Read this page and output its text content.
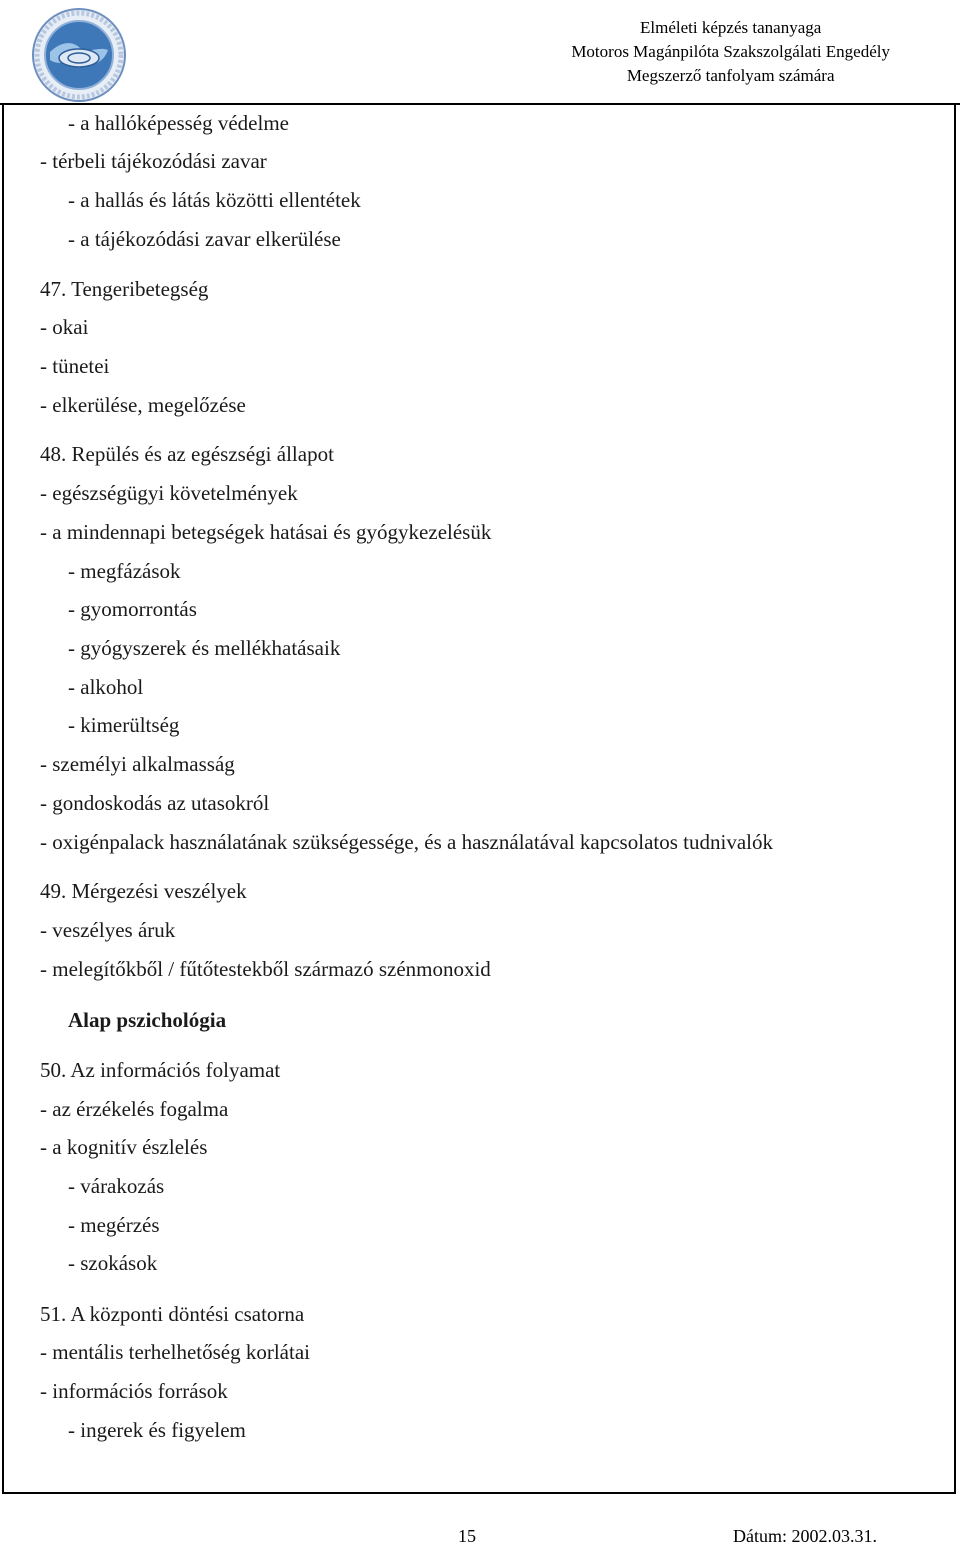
Elméleti képzés tananyaga
Motoros Magánpilóta Szakszolgálati Engedély
Megszerző tanfolyam számára
- a hallóképesség védelme
- térbeli tájékozódási zavar
- a hallás és látás közötti ellentétek
- a tájékozódási zavar elkerülése
47. Tengeribetegség
- okai
- tünetei
- elkerülése, megelőzése
48. Repülés és az egészségi állapot
- egészségügyi követelmények
- a mindennapi betegségek hatásai és gyógykezelésük
- megfázások
- gyomorrontás
- gyógyszerek és mellékhatásaik
- alkohol
- kimerültség
- személyi alkalmasság
- gondoskodás az utasokról
- oxigénpalack használatának szükségessége, és a használatával kapcsolatos tudnivalók
49. Mérgezési veszélyek
- veszélyes áruk
- melegítőkből / fűtőtestekből származó szénmonoxid
Alap pszichológia
50. Az információs folyamat
- az érzékelés fogalma
- a kognitív észlelés
- várakozás
- megérzés
- szokások
51. A központi döntési csatorna
- mentális terhelhetőség korlátai
- információs források
- ingerek és figyelem
15	Dátum: 2002.03.31.
